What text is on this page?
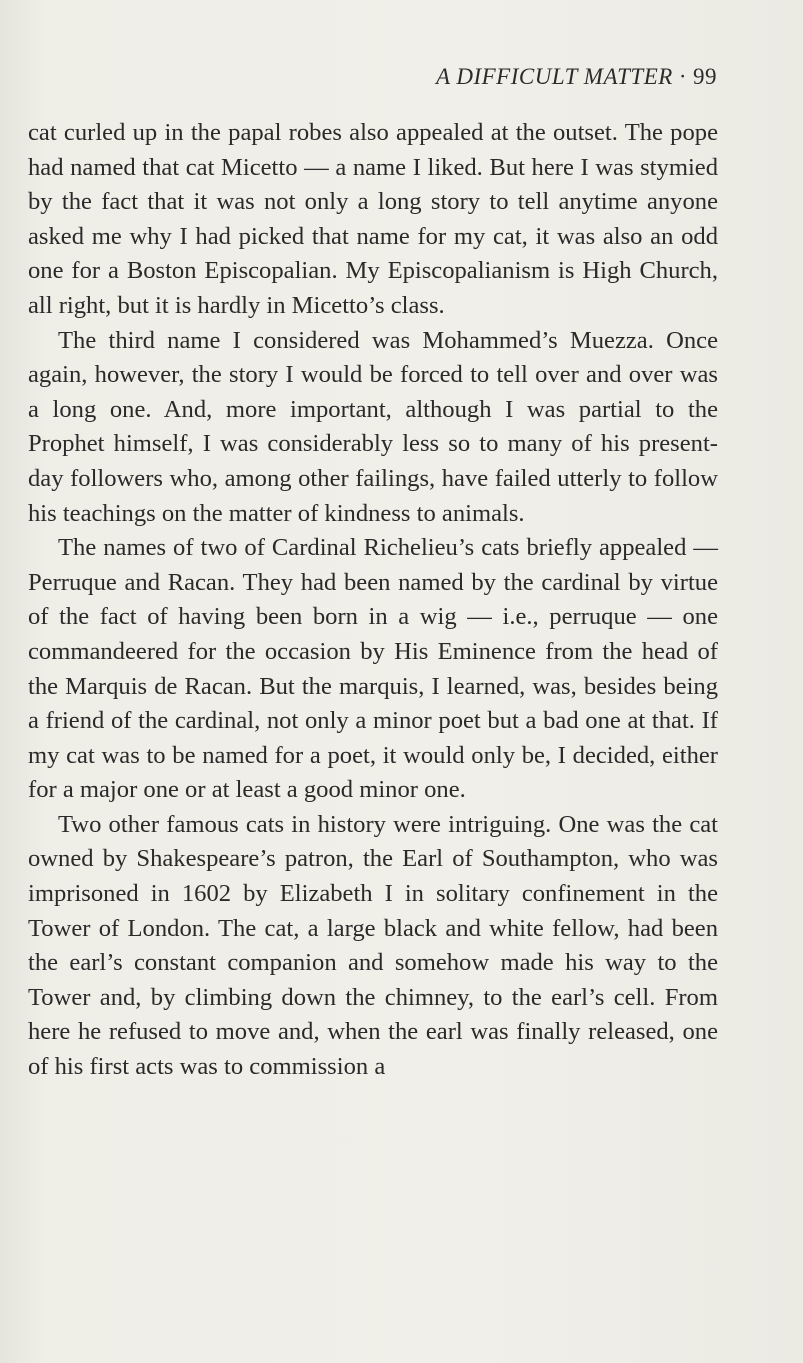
A DIFFICULT MATTER · 99

cat curled up in the papal robes also appealed at the outset. The pope had named that cat Micetto — a name I liked. But here I was stymied by the fact that it was not only a long story to tell anytime anyone asked me why I had picked that name for my cat, it was also an odd one for a Boston Episcopalian. My Episcopalianism is High Church, all right, but it is hardly in Micetto’s class.

The third name I considered was Mohammed’s Muezza. Once again, however, the story I would be forced to tell over and over was a long one. And, more important, although I was partial to the Prophet himself, I was considerably less so to many of his present-day followers who, among other failings, have failed utterly to follow his teachings on the matter of kindness to animals.

The names of two of Cardinal Richelieu’s cats briefly appealed — Perruque and Racan. They had been named by the cardinal by virtue of the fact of having been born in a wig — i.e., perruque — one commandeered for the occasion by His Eminence from the head of the Marquis de Racan. But the marquis, I learned, was, besides being a friend of the cardinal, not only a minor poet but a bad one at that. If my cat was to be named for a poet, it would only be, I decided, either for a major one or at least a good minor one.

Two other famous cats in history were intriguing. One was the cat owned by Shakespeare’s patron, the Earl of Southampton, who was imprisoned in 1602 by Elizabeth I in solitary confinement in the Tower of London. The cat, a large black and white fellow, had been the earl’s constant companion and somehow made his way to the Tower and, by climbing down the chimney, to the earl’s cell. From here he refused to move and, when the earl was finally released, one of his first acts was to commission a
